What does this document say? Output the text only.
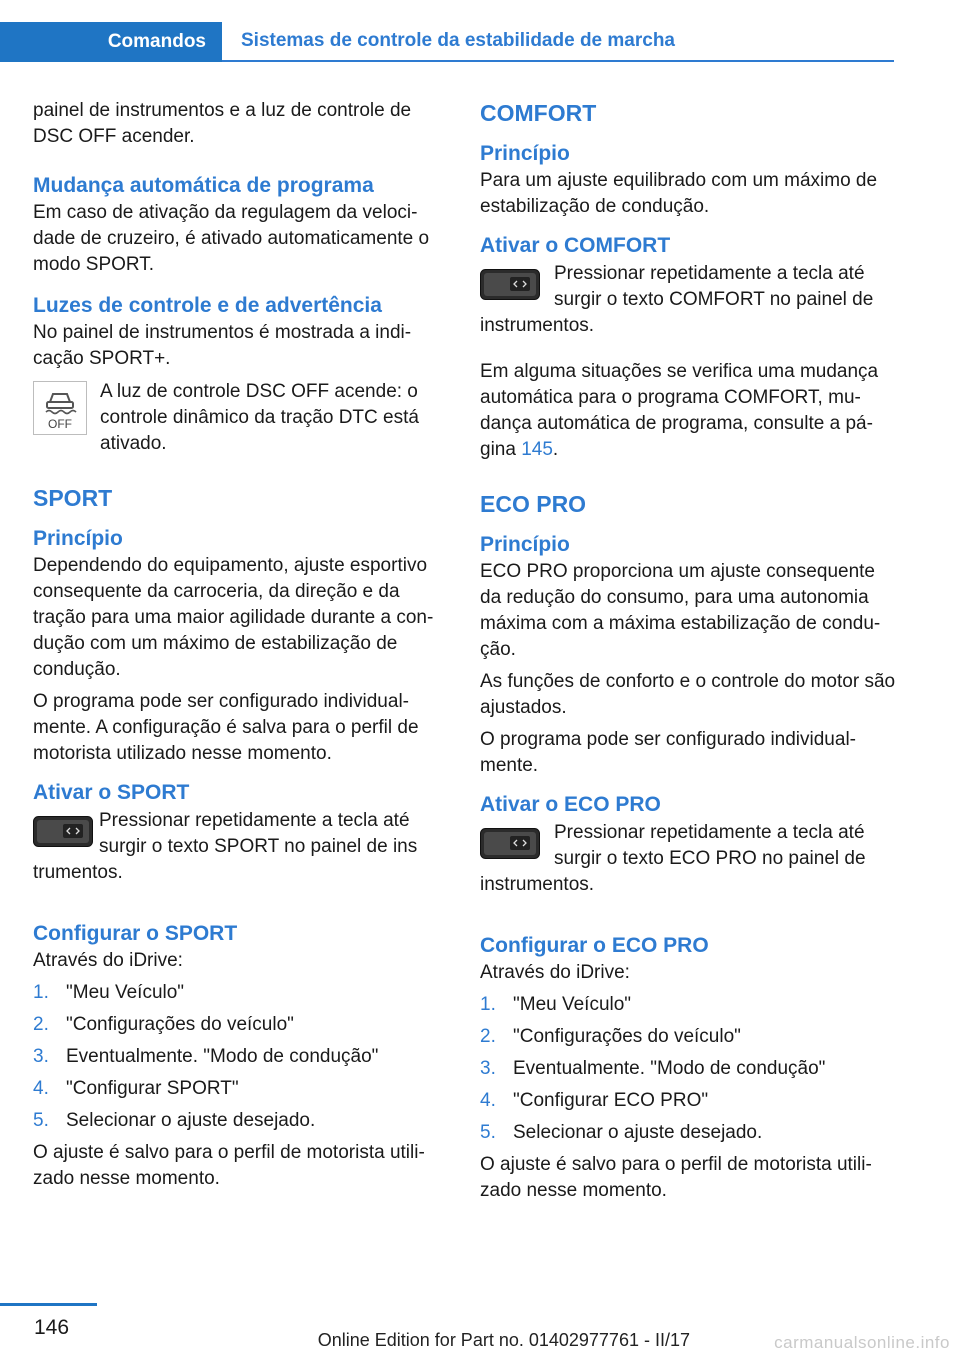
Comandos	Sistemas de controle da estabilidade de marcha

painel de instrumentos e a luz de controle de DSC OFF acender.

Mudança automática de programa

Em caso de ativação da regulagem da velocidade de cruzeiro, é ativado automaticamente o modo SPORT.

Luzes de controle e de advertência

No painel de instrumentos é mostrada a indicação SPORT+.

OFF

A luz de controle DSC OFF acende: o controle dinâmico da tração DTC está ativado.

SPORT
Princípio

Dependendo do equipamento, ajuste esportivo consequente da carroceria, da direção e da tração para uma maior agilidade durante a condução com um máximo de estabilização de condução.

O programa pode ser configurado individualmente. A configuração é salva para o perfil de motorista utilizado nesse momento.

Ativar o SPORT

Pressionar repetidamente a tecla até surgir o texto SPORT no painel de ins

trumentos.

Configurar o SPORT

Através do iDrive:

1. "Meu Veículo"
2. "Configurações do veículo"
3. Eventualmente. "Modo de condução"
4. "Configurar SPORT"
5. Selecionar o ajuste desejado.

O ajuste é salvo para o perfil de motorista utilizado nesse momento.

COMFORT
Princípio

Para um ajuste equilibrado com um máximo de estabilização de condução.

Ativar o COMFORT

Pressionar repetidamente a tecla até surgir o texto COMFORT no painel de

instrumentos.

Em alguma situações se verifica uma mudança automática para o programa COMFORT, mudança automática de programa, consulte a página 145.

ECO PRO
Princípio

ECO PRO proporciona um ajuste consequente da redução do consumo, para uma autonomia máxima com a máxima estabilização de condução.

As funções de conforto e o controle do motor são ajustados.

O programa pode ser configurado individualmente.

Ativar o ECO PRO

Pressionar repetidamente a tecla até surgir o texto ECO PRO no painel de

instrumentos.

Configurar o ECO PRO

Através do iDrive:

1. "Meu Veículo"
2. "Configurações do veículo"
3. Eventualmente. "Modo de condução"
4. "Configurar ECO PRO"
5. Selecionar o ajuste desejado.

O ajuste é salvo para o perfil de motorista utilizado nesse momento.

146
Online Edition for Part no. 01402977761 - II/17	carmanualsonline.info
